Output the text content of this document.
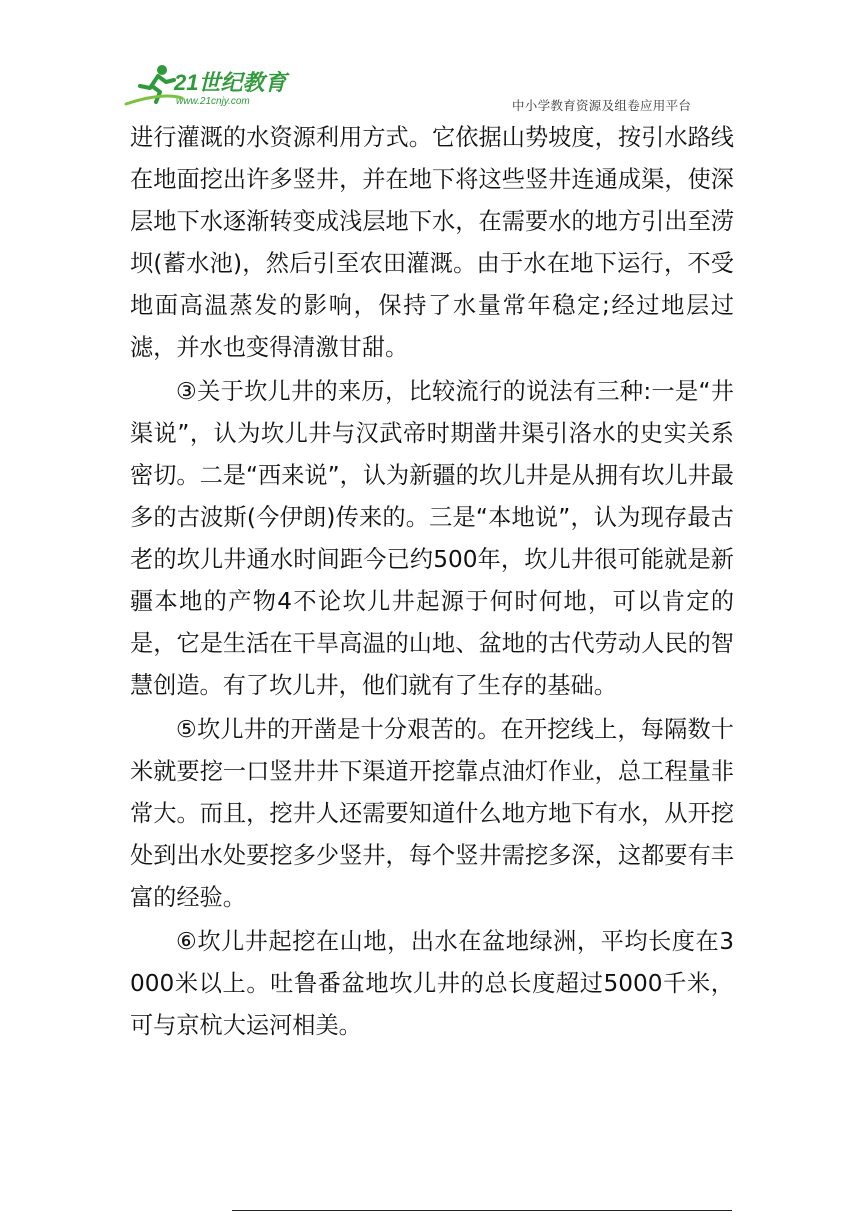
21世纪教育
www.21cnjy.com	中小学教育资源及组卷应用平台

进行灌溉的水资源利用方式。它依据山势坡度，按引水路线在地面挖出许多竖井，并在地下将这些竖井连通成渠，使深层地下水逐渐转变成浅层地下水，在需要水的地方引出至涝坝(蓄水池)，然后引至农田灌溉。由于水在地下运行，不受地面高温蒸发的影响，保持了水量常年稳定;经过地层过滤，并水也变得清激甘甜。

③关于坎儿井的来历，比较流行的说法有三种:一是“井渠说”，认为坎儿井与汉武帝时期凿井渠引洛水的史实关系密切。二是“西来说”，认为新疆的坎儿井是从拥有坎儿井最多的古波斯(今伊朗)传来的。三是“本地说”，认为现存最古老的坎儿井通水时间距今已约500年，坎儿井很可能就是新疆本地的产物4不论坎儿井起源于何时何地，可以肯定的是，它是生活在干旱高温的山地、盆地的古代劳动人民的智慧创造。有了坎儿井，他们就有了生存的基础。

⑤坎儿井的开凿是十分艰苦的。在开挖线上，每隔数十米就要挖一口竖井井下渠道开挖靠点油灯作业，总工程量非常大。而且，挖井人还需要知道什么地方地下有水，从开挖处到出水处要挖多少竖井，每个竖井需挖多深，这都要有丰富的经验。

⑥坎儿井起挖在山地，出水在盆地绿洲，平均长度在3000米以上。吐鲁番盆地坎儿井的总长度超过5000千米，可与京杭大运河相美。
